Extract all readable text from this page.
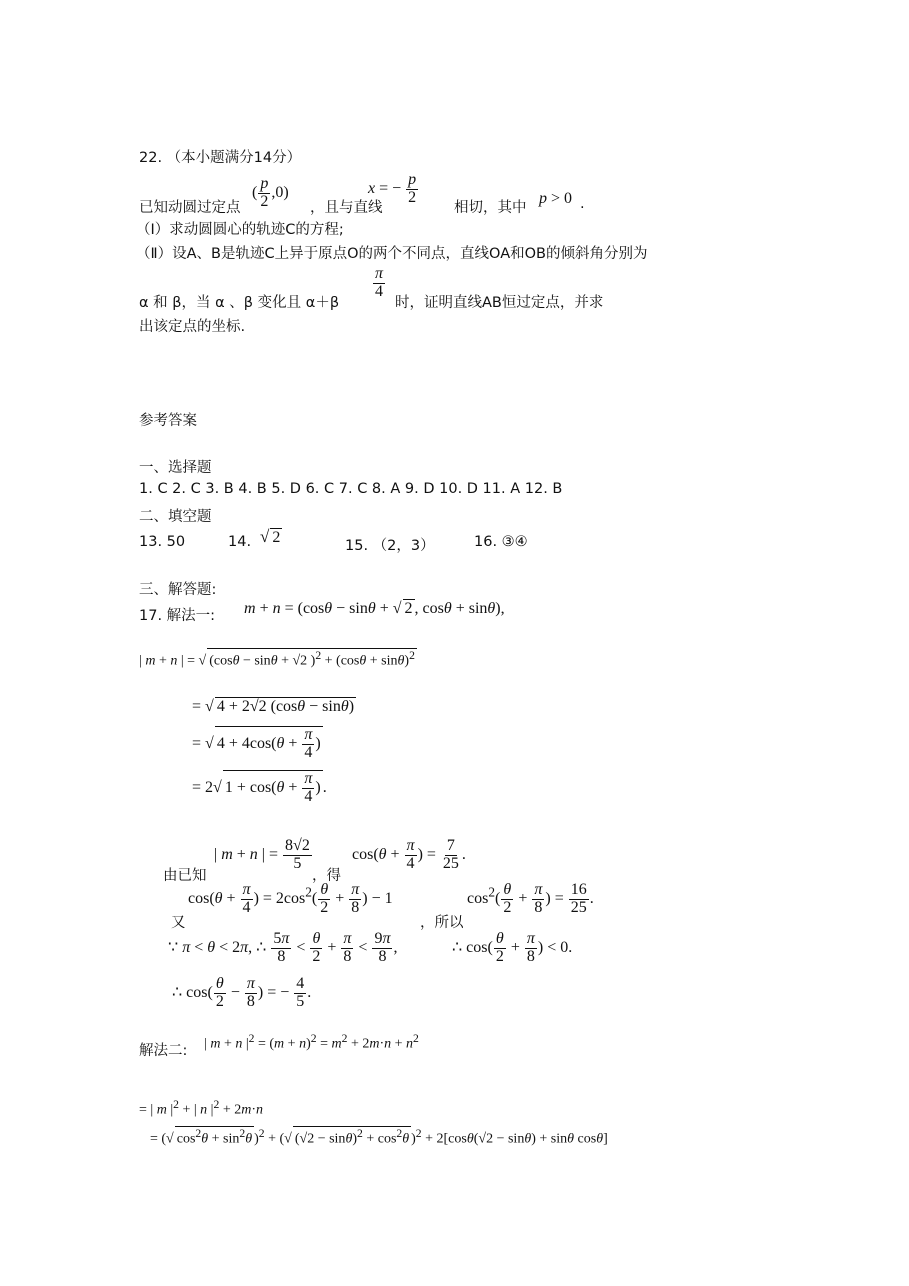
22. （本小题满分14分）
已知动圆过定点
( $\frac{p}{2} ,0$)
，且与直线
x = − $\frac{p}{2}$
相切，其中
p > 0 .
（Ⅰ）求动圆圆心的轨迹C的方程;
（Ⅱ）设A、B是轨迹C上异于原点O的两个不同点，直线OA和OB的倾斜角分别为
α 和 β，当 α 、β 变化且 α＋β
$\frac{\pi}{4}$
时，证明直线AB恒过定点，并求
出该定点的坐标.
参考答案
一、选择题
1. C 2. C 3. B 4. B 5. D 6. C 7. C 8. A 9. D 10. D 11. A 12. B
二、填空题
13. 50	14. √ 2	15. （2，3）	16. ③④
三、解答题:
17. 解法一: m + n = (cosθ − sinθ + √ 2 , cosθ + sinθ),
| m + n | = √ (cosθ − sinθ + √2 )$^2 + (\cos\theta + \sin\theta)^2$
= √ 4 + 2√2 (cosθ − sinθ)
= √ $4 + 4\cos(\theta + \frac{\pi}{4}$ )
= 2√ $1 + \cos(\theta + \frac{\pi}{4}$ ) .
由已知
| m + n | = $\frac{8√2}{5}$
，得
$\cos(\theta + \frac{\pi}{4}$ ) = $\frac{7}{25}$ .
又
$\cos(\theta + \frac{\pi}{4}$ ) = $2\cos^2( \frac{\theta}{2} + \frac{\pi}{8}$ ) − 1
，所以
$\cos^2( \frac{\theta}{2} + \frac{\pi}{8}$ ) = $\frac{16}{25}$ .
∵ π < θ < 2π, ∴ $\frac{5\pi}{8} < \frac{\theta}{2} + \frac{\pi}{8} < \frac{9\pi}{8}$ ,	∴ $\cos( \frac{\theta}{2} + \frac{\pi}{8}$ ) < 0.
∴ $\cos( \frac{\theta}{2} - \frac{\pi}{8}$ ) = − $\frac{4}{5}$ .
解法二: | m + n $|^2 = (m + n)^2 = m^2 + 2m\cdot n + n^2$
= | m $|^2$ + | n $|^2 + 2m\cdot n$
= (√ $\cos^2\theta + \sin^2\theta$ )$^2$ + (√ $(√2 - \sin\theta)^2 + \cos^2\theta$ )$^2$ + 2[cosθ(√2 − sinθ) + sinθ cosθ]
